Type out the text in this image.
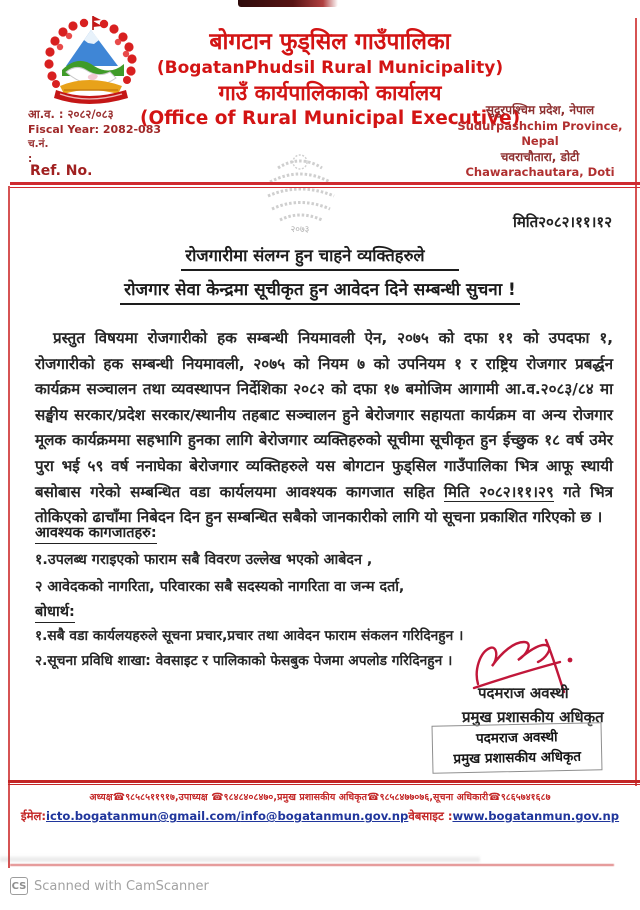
बोगटान फुड्सिल गाउँपालिका
(BogatanPhudsil Rural Municipality)
गाउँ कार्यपालिकाको कार्यालय
(Office of Rural Municipal Executive)
आ.व. : २०८२/०८३
Fiscal Year: 2082-083
च.नं.
:
Ref. No.
सुदुरपश्चिम प्रदेश, नेपाल
Sudurpashchim Province, Nepal
चवराचौतारा, डोटी
Chawarachautara, Doti
२०७३	मिति२०८२।११।१२
रोजगारीमा संलग्न हुन चाहने व्यक्तिहरुले
रोजगार सेवा केन्द्रमा सूचीकृत हुन आवेदन दिने सम्बन्धी सुचना !
प्रस्तुत विषयमा रोजगारीको हक सम्बन्धी नियमावली ऐन, २०७५ को दफा ११ को उपदफा १, रोजगारीको हक सम्बन्धी नियमावली, २०७५ को नियम ७ को उपनियम १ र राष्ट्रिय रोजगार प्रबर्द्धन कार्यक्रम सञ्चालन तथा व्यवस्थापन निर्देशिका २०८२ को दफा १७ बमोजिम आगामी आ.व.२०८३/८४ मा सङ्घीय सरकार/प्रदेश सरकार/स्थानीय तहबाट सञ्चालन हुने बेरोजगार सहायता कार्यक्रम वा अन्य रोजगार मूलक कार्यक्रममा सहभागि हुनका लागि बेरोजगार व्यक्तिहरुको सूचीमा सूचीकृत हुन ईच्छुक १८ वर्ष उमेर पुरा भई ५९ वर्ष ननाघेका बेरोजगार व्यक्तिहरुले यस बोगटान फुड्सिल गाउँपालिका भित्र आफू स्थायी बसोबास गरेको सम्बन्धित वडा कार्यलयमा आवश्यक कागजात सहित मिति २०८२।११।२९ गते भित्र तोकिएको ढाचाँमा निबेदन दिन हुन सम्बन्धित सबैको जानकारीको लागि यो सूचना प्रकाशित गरिएको छ ।
आवश्यक कागजातहरु:
१.उपलब्ध गराइएको फाराम सबै विवरण उल्लेख भएको आबेदन ,
२ आवेदकको नागरिता, परिवारका सबै सदस्यको नागरिता वा जन्म दर्ता,
बोधार्थ:
१.सबै वडा कार्यलयहरुले सूचना प्रचार,प्रचार तथा आवेदन फाराम संकलन गरिदिनहुन ।
२.सूचना प्रविधि शाखा: वेवसाइट र पालिकाको फेसबुक पेजमा अपलोड गरिदिनहुन ।
पदमराज अवस्थी
प्रमुख प्रशासकीय अधिकृत
पदमराज अवस्थी
प्रमुख प्रशासकीय अधिकृत
अध्यक्ष☎९८५८५११९१७,उपाध्यक्ष ☎९८४८४०८४७०,प्रमुख प्रशासकीय अधिकृत☎९८५८४७७०७६,सूचना अधिकारी☎९८६५७४१६८७
ईमेल:icto.bogatanmun@gmail.com/info@bogatanmun.gov.npवेबसाइट :www.bogatanmun.gov.np
CS Scanned with CamScanner
